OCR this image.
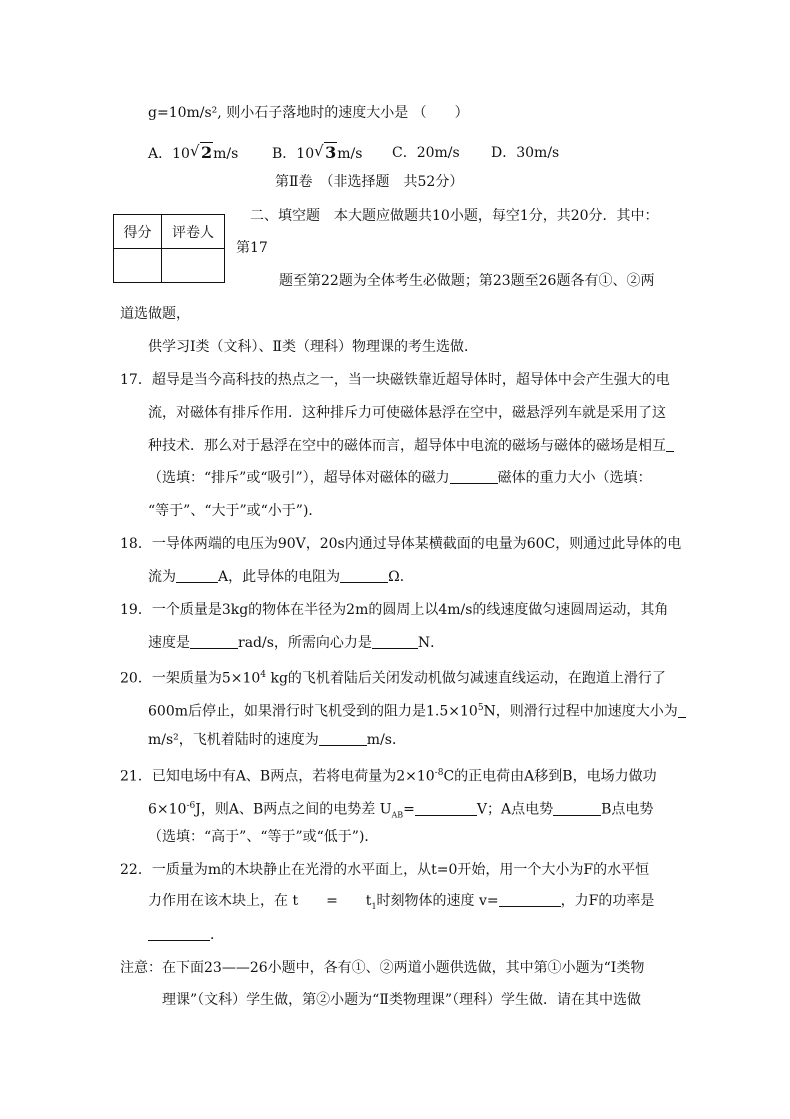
g=10m/s², 则小石子落地时的速度大小是 （　　）
A．10 √ 2m/s B．10 √ 3m/s C．20m/s D．30m/s
第Ⅱ卷　（非选择题　共52分）
得分	评卷人

二、填空题　本大题应做题共10小题，每空1分，共20分．其中：
第17
题至第22题为全体考生必做题；第23题至26题各有①、②两
道选做题，
供学习Ⅰ类（文科）、Ⅱ类（理科）物理课的考生选做．
17．超导是当今高科技的热点之一，当一块磁铁靠近超导体时，超导体中会产生强大的电
流，对磁体有排斥作用．这种排斥力可使磁体悬浮在空中，磁悬浮列车就是采用了这
种技术．那么对于悬浮在空中的磁体而言，超导体中电流的磁场与磁体的磁场是相互
（选填：“排斥”或“吸引”），超导体对磁体的磁力	磁体的重力大小（选填：
“等于”、“大于”或“小于”)．
18．一导体两端的电压为90V，20s内通过导体某横截面的电量为60C，则通过此导体的电
流为	A，此导体的电阻为	Ω．
19．一个质量是3kg的物体在半径为2m的圆周上以4m/s的线速度做匀速圆周运动，其角
速度是	rad/s，所需向心力是	N．
20．一架质量为$5\times 10^4$ kg的飞机着陆后关闭发动机做匀减速直线运动，在跑道上滑行了
600m后停止，如果滑行时飞机受到的阻力是$1.5\times 10^5N$，则滑行过程中加速度大小为
m/s²，飞机着陆时的速度为	m/s．
21．已知电场中有A、B两点，若将电荷量为$2\times 10^{-8}C$的正电荷由A移到B，电场力做功
$6\times 10^{-6}J$，则A、B两点之间的电势差 $U_{AB}=$	V；A点电势	B点电势
（选填：“高于”、“等于”或“低于”)．
22．一质量为m的木块静止在光滑的水平面上，从t=0开始，用一个大小为F的水平恒
力作用在该木块上，在 t　　=　　$t_1$时刻物体的速度 v=	，力F的功率是
．
注意：在下面23——26小题中，各有①、②两道小题供选做，其中第①小题为“Ⅰ类物
理课”（文科）学生做，第②小题为“Ⅱ类物理课”（理科）学生做．请在其中选做
